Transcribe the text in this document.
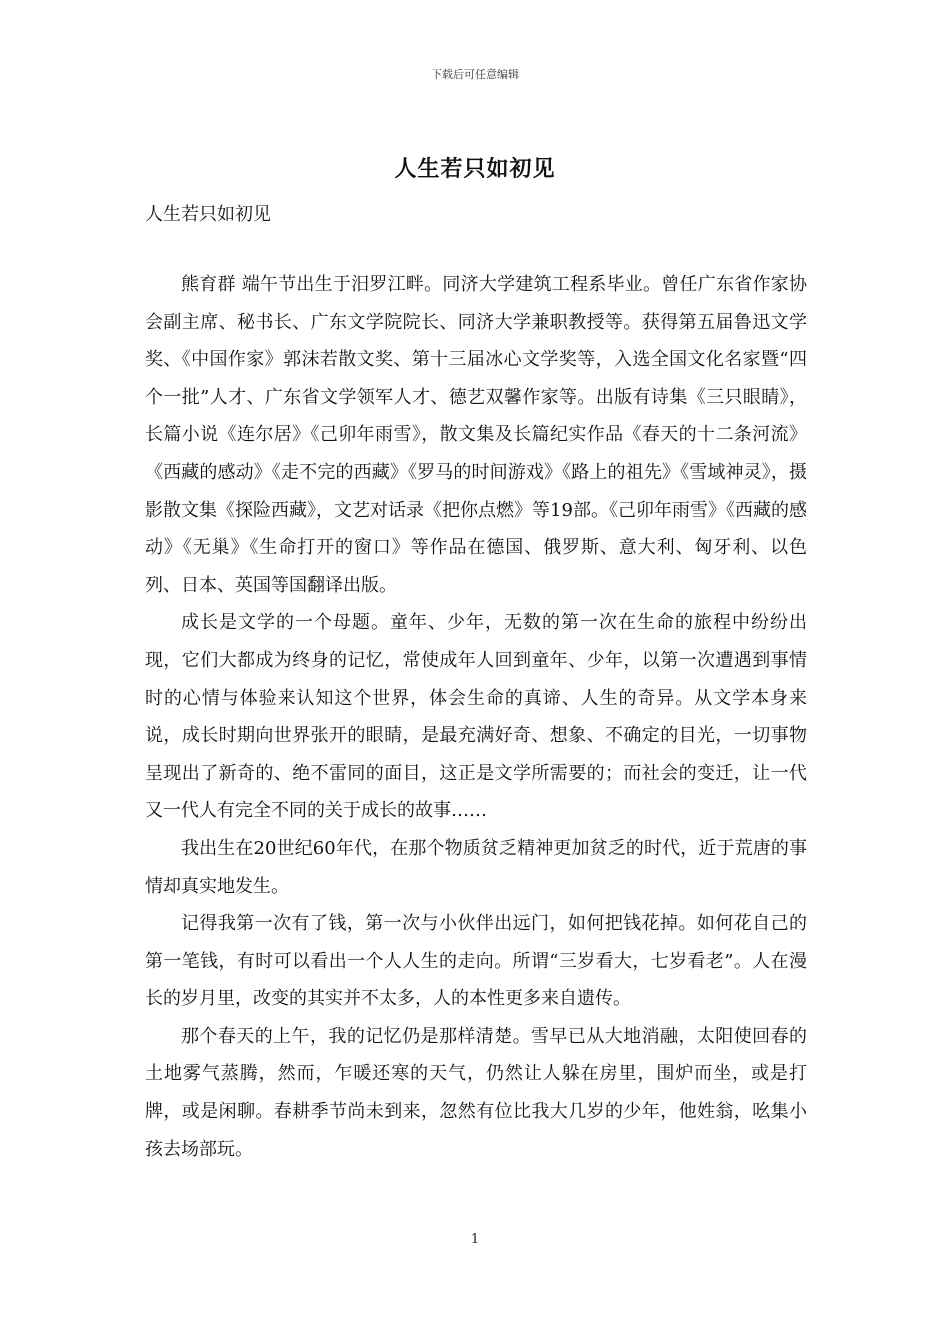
下载后可任意编辑
人生若只如初见
人生若只如初见

熊育群 端午节出生于汨罗江畔。同济大学建筑工程系毕业。曾任广东省作家协会副主席、秘书长、广东文学院院长、同济大学兼职教授等。获得第五届鲁迅文学奖、《中国作家》郭沫若散文奖、第十三届冰心文学奖等，入选全国文化名家暨“四个一批”人才、广东省文学领军人才、德艺双馨作家等。出版有诗集《三只眼睛》，长篇小说《连尔居》《己卯年雨雪》，散文集及长篇纪实作品《春天的十二条河流》《西藏的感动》《走不完的西藏》《罗马的时间游戏》《路上的祖先》《雪域神灵》，摄影散文集《探险西藏》，文艺对话录《把你点燃》等19部。《己卯年雨雪》《西藏的感动》《无巢》《生命打开的窗口》等作品在德国、俄罗斯、意大利、匈牙利、以色列、日本、英国等国翻译出版。

成长是文学的一个母题。童年、少年，无数的第一次在生命的旅程中纷纷出现，它们大都成为终身的记忆，常使成年人回到童年、少年，以第一次遭遇到事情时的心情与体验来认知这个世界，体会生命的真谛、人生的奇异。从文学本身来说，成长时期向世界张开的眼睛，是最充满好奇、想象、不确定的目光，一切事物呈现出了新奇的、绝不雷同的面目，这正是文学所需要的；而社会的变迁，让一代又一代人有完全不同的关于成长的故事……

我出生在20世纪60年代，在那个物质贫乏精神更加贫乏的时代，近于荒唐的事情却真实地发生。

记得我第一次有了钱，第一次与小伙伴出远门，如何把钱花掉。如何花自己的第一笔钱，有时可以看出一个人人生的走向。所谓“三岁看大，七岁看老”。人在漫长的岁月里，改变的其实并不太多，人的本性更多来自遗传。

那个春天的上午，我的记忆仍是那样清楚。雪早已从大地消融，太阳使回春的土地雾气蒸腾，然而，乍暖还寒的天气，仍然让人躲在房里，围炉而坐，或是打牌，或是闲聊。春耕季节尚未到来，忽然有位比我大几岁的少年，他姓翁，吆集小孩去场部玩。

1
